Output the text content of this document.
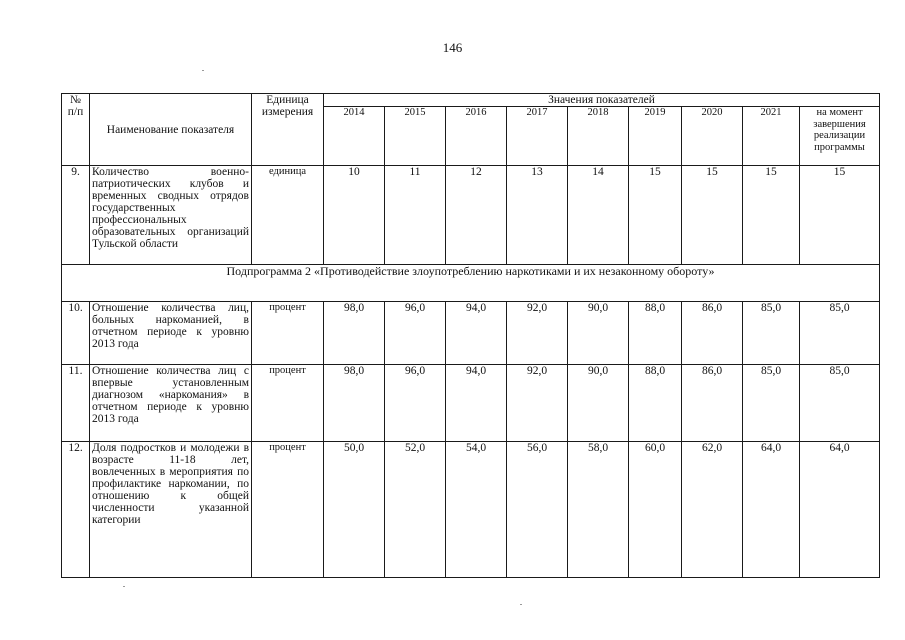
146
№
п/п	Наименование показателя	Единица измерения	Значения показателей								
			2014	2015	2016	2017	2018	2019	2020	2021	на момент завершения реализации программы
9.	Количество военно-патриотических клубов и временных сводных отрядов государственных профессиональных образовательных организаций Тульской области	единица	10	11	12	13	14	15	15	15	15
Подпрограмма 2 «Противодействие злоупотреблению наркотиками и их незаконному обороту»											
10.	Отношение количества лиц, больных наркоманией, в отчетном периоде к уровню 2013 года	процент	98,0	96,0	94,0	92,0	90,0	88,0	86,0	85,0	85,0
11.	Отношение количества лиц с впервые установленным диагнозом «наркомания» в отчетном периоде к уровню 2013 года	процент	98,0	96,0	94,0	92,0	90,0	88,0	86,0	85,0	85,0
12.	Доля подростков и молодежи в возрасте 11-18 лет, вовлеченных в мероприятия по профилактике наркомании, по отношению к общей численности указанной категории	процент	50,0	52,0	54,0	56,0	58,0	60,0	62,0	64,0	64,0
